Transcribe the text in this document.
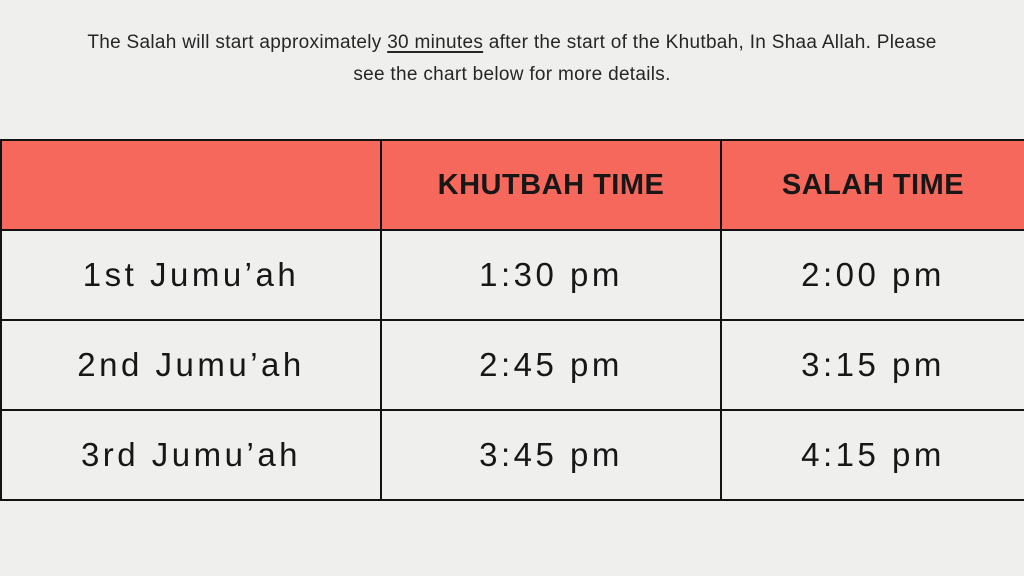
The Salah will start approximately 30 minutes after the start of the Khutbah, In Shaa Allah. Please
see the chart below for more details.

	KHUTBAH TIME	SALAH TIME
1st Jumu’ah	1:30 pm	2:00 pm
2nd Jumu’ah	2:45 pm	3:15 pm
3rd Jumu’ah	3:45 pm	4:15 pm
